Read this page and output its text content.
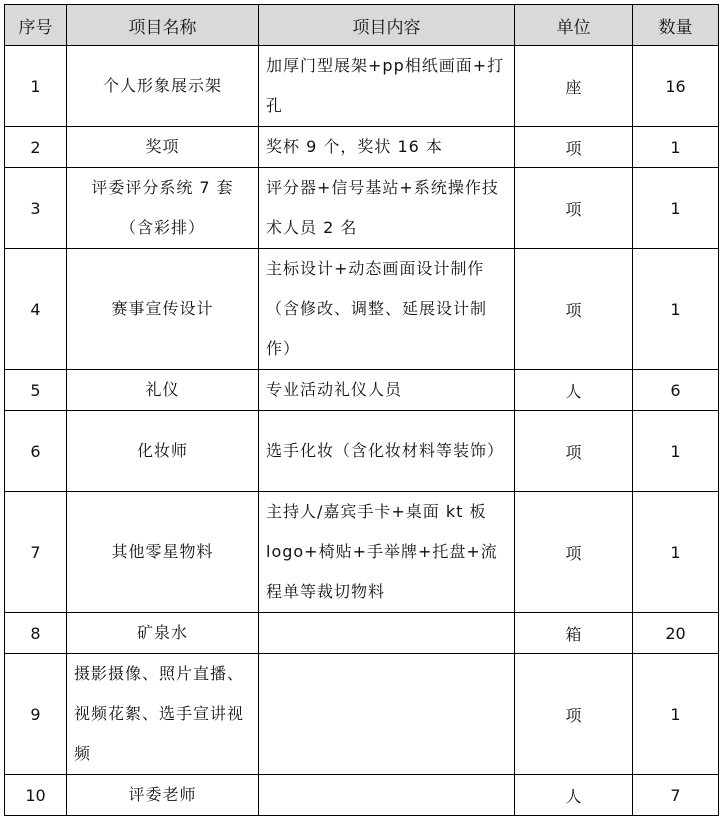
序号	项目名称	项目内容	单位	数量
1	个人形象展示架	加厚门型展架+pp相纸画面+打孔	座	16
2	奖项	奖杯 9 个，奖状 16 本	项	1
3	评委评分系统 7 套（含彩排）	评分器+信号基站+系统操作技术人员 2 名	项	1
4	赛事宣传设计	主标设计+动态画面设计制作（含修改、调整、延展设计制作）	项	1
5	礼仪	专业活动礼仪人员	人	6
6	化妆师	选手化妆（含化妆材料等装饰）	项	1
7	其他零星物料	主持人/嘉宾手卡+桌面 kt 板 logo+椅贴+手举牌+托盘+流程单等裁切物料	项	1
8	矿泉水		箱	20
9	摄影摄像、照片直播、视频花絮、选手宣讲视频		项	1
10	评委老师		人	7
